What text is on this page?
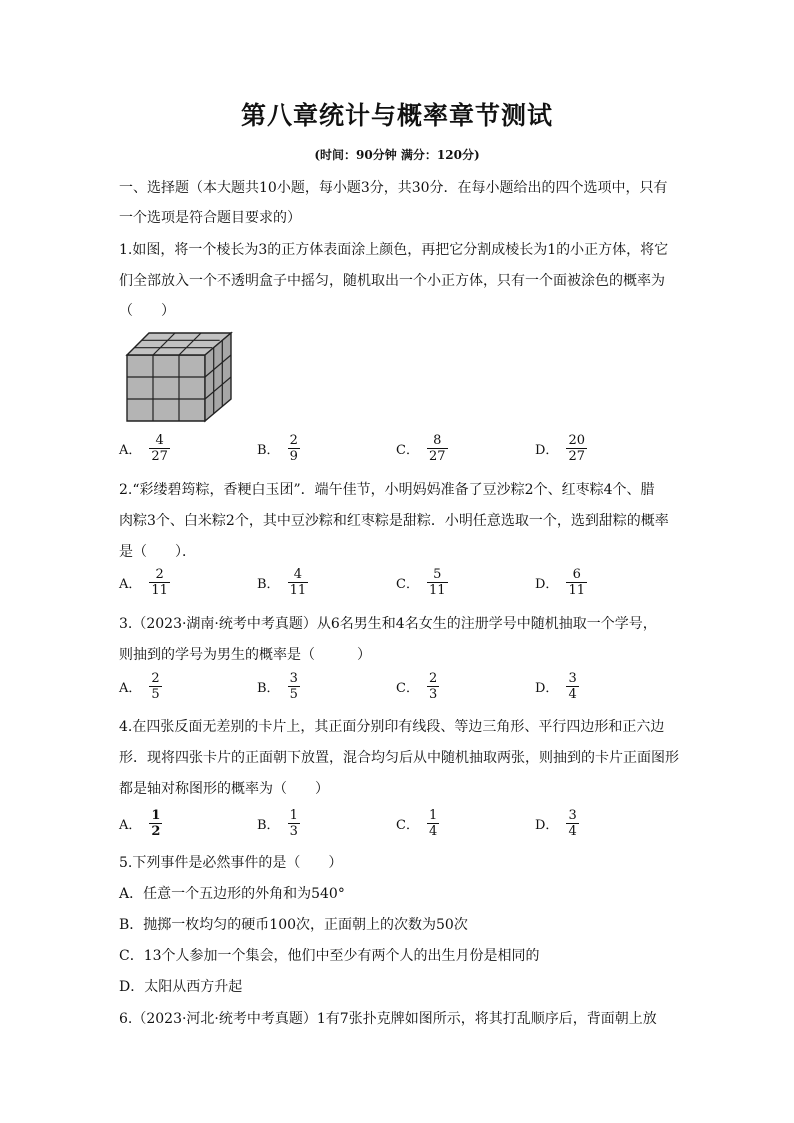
第八章统计与概率章节测试
(时间：90分钟 满分：120分)
一、选择题（本大题共10小题，每小题3分，共30分．在每小题给出的四个选项中，只有
一个选项是符合题目要求的）
1.如图，将一个棱长为3的正方体表面涂上颜色，再把它分割成棱长为1的小正方体，将它
们全部放入一个不透明盒子中摇匀，随机取出一个小正方体，只有一个面被涂色的概率为
（　　）
A． $\frac{4}{27}$	B． $\frac{2}{9}$	C． $\frac{8}{27}$	D． $\frac{20}{27}$
2.“彩缕碧筠粽，香粳白玉团”．端午佳节，小明妈妈准备了豆沙粽2个、红枣粽4个、腊
肉粽3个、白米粽2个，其中豆沙粽和红枣粽是甜粽．小明任意选取一个，选到甜粽的概率
是（　　）．
A． $\frac{2}{11}$	B． $\frac{4}{11}$	C． $\frac{5}{11}$	D． $\frac{6}{11}$
3.（2023·湖南·统考中考真题）从6名男生和4名女生的注册学号中随机抽取一个学号，
则抽到的学号为男生的概率是（　　　）
A． $\frac{2}{5}$	B． $\frac{3}{5}$	C． $\frac{2}{3}$	D． $\frac{3}{4}$
4.在四张反面无差别的卡片上，其正面分别印有线段、等边三角形、平行四边形和正六边
形．现将四张卡片的正面朝下放置，混合均匀后从中随机抽取两张，则抽到的卡片正面图形
都是轴对称图形的概率为（　　）
A． $\frac{1}{2}$	B． $\frac{1}{3}$	C． $\frac{1}{4}$	D． $\frac{3}{4}$
5.下列事件是必然事件的是（　　）
A．任意一个五边形的外角和为540°
B．抛掷一枚均匀的硬币100次，正面朝上的次数为50次
C．13个人参加一个集会，他们中至少有两个人的出生月份是相同的
D．太阳从西方升起
6.（2023·河北·统考中考真题）1有7张扑克牌如图所示，将其打乱顺序后，背面朝上放
